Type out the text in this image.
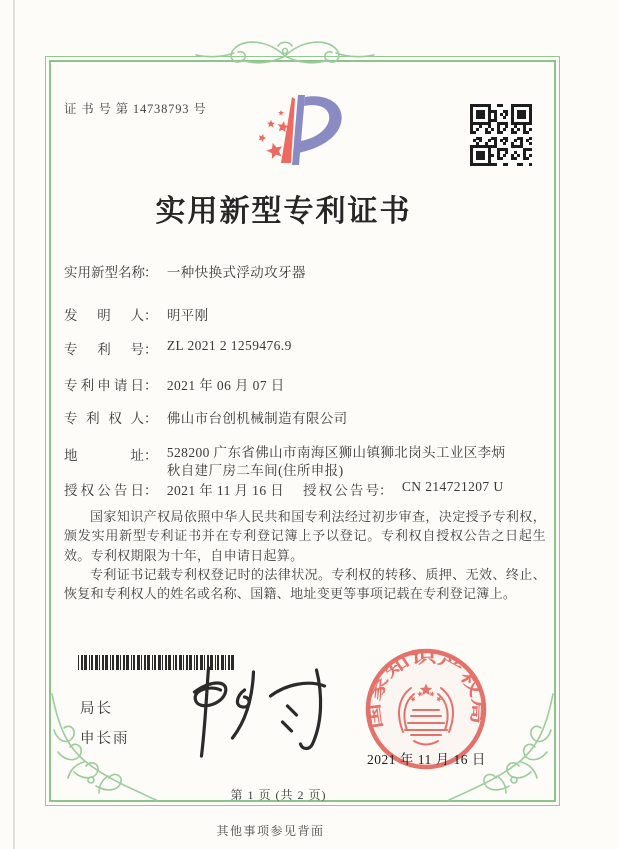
证 书 号 第 14738793 号
实用新型专利证书
实用新型名称： 一种快换式浮动攻牙器
发明人： 明平刚
专利号： ZL 2021 2 1259476.9
专利申请日： 2021 年 06 月 07 日
专利权人： 佛山市台创机械制造有限公司
地址： 528200 广东省佛山市南海区狮山镇狮北岗头工业区李炳
秋自建厂房二车间(住所申报)
授权公告日： 2021 年 11 月 16 日 授权公告号： CN 214721207 U

国家知识产权局依照中华人民共和国专利法经过初步审查，决定授予专利权，颁发实用新型专利证书并在专利登记簿上予以登记。专利权自授权公告之日起生效。专利权期限为十年，自申请日起算。

专利证书记载专利权登记时的法律状况。专利权的转移、质押、无效、终止、恢复和专利权人的姓名或名称、国籍、地址变更等事项记载在专利登记簿上。

局长
申长雨
国家知识产权局
2021 年 11 月 16 日
第 1 页 (共 2 页)
其他事项参见背面
